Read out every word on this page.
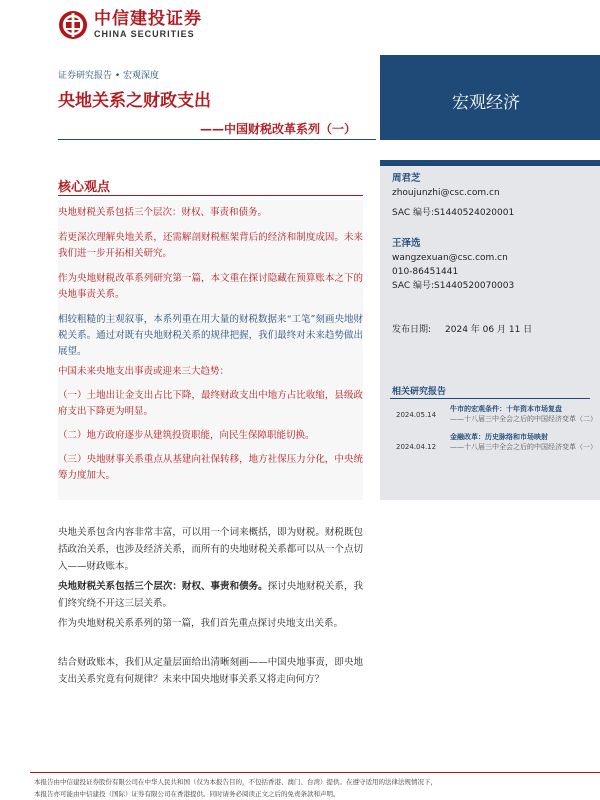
中信建投证券
CHINA SECURITIES
证券研究报告 • 宏观深度
央地关系之财政支出
——中国财税改革系列（一）
宏观经济
周君芝
zhoujunzhi@csc.com.cn
SAC 编号:S1440524020001
王泽选
wangzexuan@csc.com.cn
010-86451441
SAC 编号:S1440520070003
发布日期: 2024 年 06 月 11 日
相关研究报告
2024.05.14
牛市的宏观条件：十年资本市场复盘
——十八届三中全会之后的中国经济变革（二）
2024.04.12
金融改革：历史脉络和市场映射
——十八届三中全会之后的中国经济变革（一）
核心观点
央地财税关系包括三个层次：财权、事责和债务。
若更深次理解央地关系，还需解剖财税框架背后的经济和制度成因。未来我们进一步开拓相关研究。
作为央地财税改革系列研究第一篇，本文重在探讨隐藏在预算账本之下的央地事责关系。
相较粗糙的主观叙事，本系列重在用大量的财税数据来“工笔”刻画央地财税关系。通过对既有央地财税关系的规律把握，我们最终对未来趋势做出展望。
中国未来央地支出事责或迎来三大趋势：
（一）土地出让金支出占比下降，最终财政支出中地方占比收缩，县级政府支出下降更为明显。
（二）地方政府逐步从建筑投资职能，向民生保障职能切换。
（三）央地财事关系重点从基建向社保转移，地方社保压力分化，中央统筹力度加大。
央地关系包含内容非常丰富，可以用一个词来概括，即为财税。财税既包括政治关系，也涉及经济关系，而所有的央地财税关系都可以从一个点切入——财政账本。
央地财税关系包括三个层次：财权、事责和债务。探讨央地财税关系，我们终究绕不开这三层关系。
作为央地财税关系系列的第一篇，我们首先重点探讨央地支出关系。
结合财政账本，我们从定量层面给出清晰刻画——中国央地事责，即央地支出关系究竟有何规律？未来中国央地财事关系又将走向何方？
本报告由中信建投证券股份有限公司在中华人民共和国（仅为本报告目的，不包括香港、澳门、台湾）提供。在遵守适用的法律法规情况下，
本报告亦可能由中信建投（国际）证券有限公司在香港提供。同时请务必阅读正文之后的免责条款和声明。
